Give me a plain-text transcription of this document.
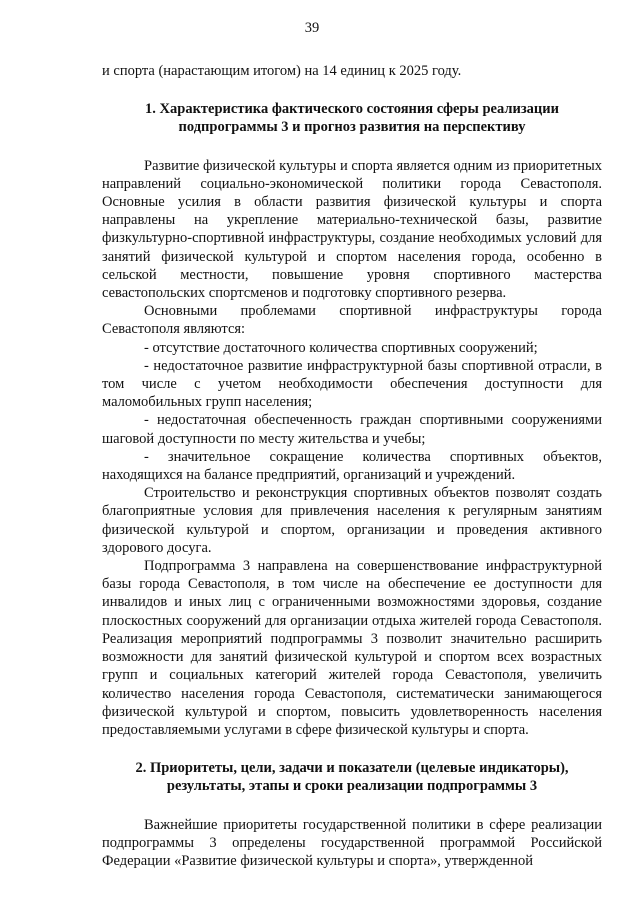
39

и спорта (нарастающим итогом) на 14 единиц к 2025 году.

1. Характеристика фактического состояния сферы реализации подпрограммы 3 и прогноз развития на перспективу

Развитие физической культуры и спорта является одним из приоритетных направлений социально-экономической политики города Севастополя. Основные усилия в области развития физической культуры и спорта направлены на укрепление материально-технической базы, развитие физкультурно-спортивной инфраструктуры, создание необходимых условий для занятий физической культурой и спортом населения города, особенно в сельской местности, повышение уровня спортивного мастерства севастопольских спортсменов и подготовку спортивного резерва.

Основными проблемами спортивной инфраструктуры города Севастополя являются:

- отсутствие достаточного количества спортивных сооружений;

- недостаточное развитие инфраструктурной базы спортивной отрасли, в том числе с учетом необходимости обеспечения доступности для маломобильных групп населения;

- недостаточная обеспеченность граждан спортивными сооружениями шаговой доступности по месту жительства и учебы;

- значительное сокращение количества спортивных объектов, находящихся на балансе предприятий, организаций и учреждений.

Строительство и реконструкция спортивных объектов позволят создать благоприятные условия для привлечения населения к регулярным занятиям физической культурой и спортом, организации и проведения активного здорового досуга.

Подпрограмма 3 направлена на совершенствование инфраструктурной базы города Севастополя, в том числе на обеспечение ее доступности для инвалидов и иных лиц с ограниченными возможностями здоровья, создание плоскостных сооружений для организации отдыха жителей города Севастополя. Реализация мероприятий подпрограммы 3 позволит значительно расширить возможности для занятий физической культурой и спортом всех возрастных групп и социальных категорий жителей города Севастополя, увеличить количество населения города Севастополя, систематически занимающегося физической культурой и спортом, повысить удовлетворенность населения предоставляемыми услугами в сфере физической культуры и спорта.

2. Приоритеты, цели, задачи и показатели (целевые индикаторы), результаты, этапы и сроки реализации подпрограммы 3

Важнейшие приоритеты государственной политики в сфере реализации подпрограммы 3 определены государственной программой Российской Федерации «Развитие физической культуры и спорта», утвержденной
